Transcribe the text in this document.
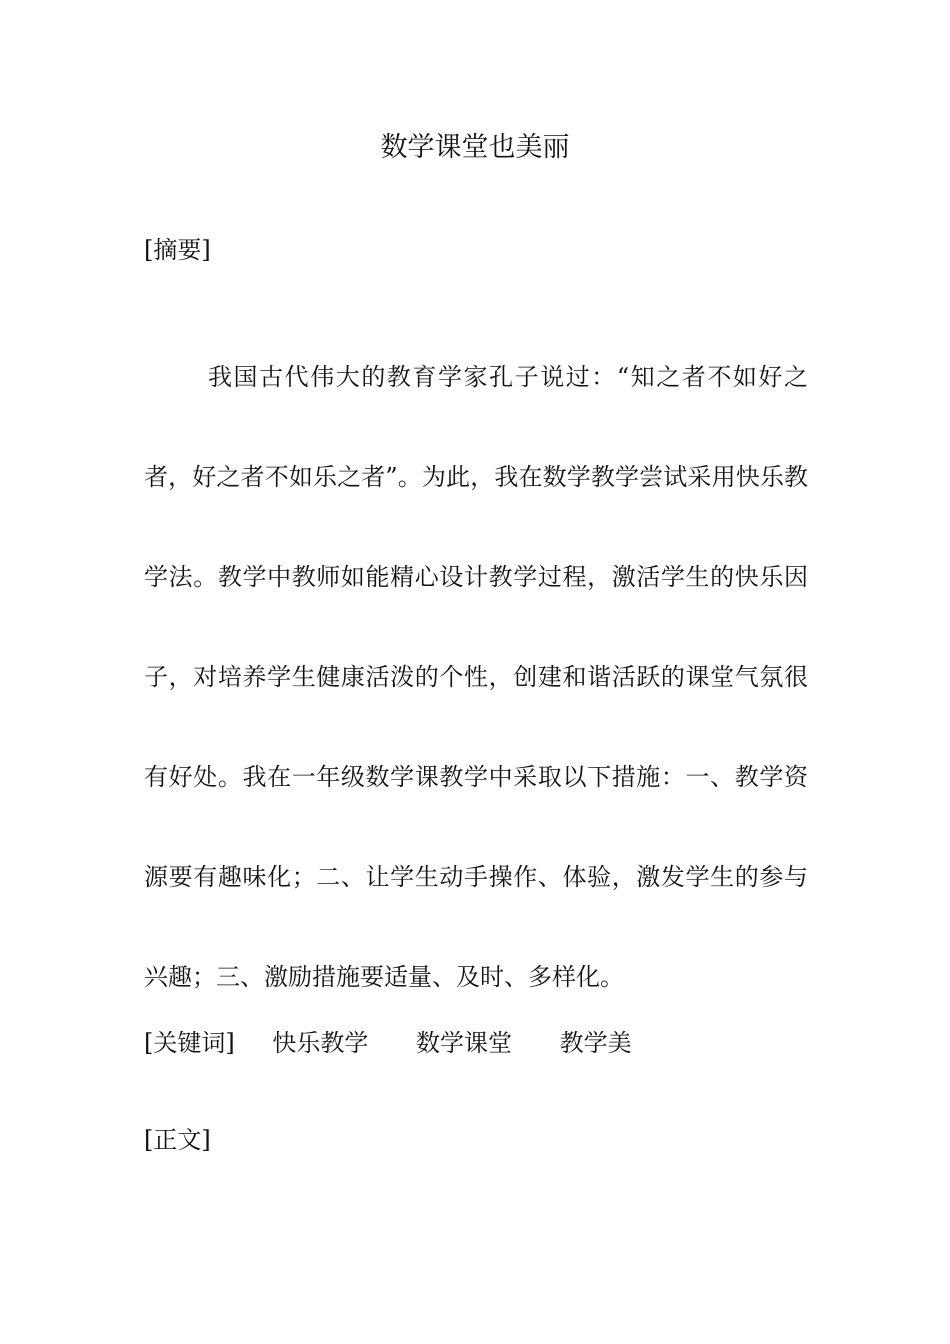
数学课堂也美丽
[摘要]

我国古代伟大的教育学家孔子说过：“知之者不如好之者，好之者不如乐之者”。为此，我在数学教学尝试采用快乐教学法。教学中教师如能精心设计教学过程，激活学生的快乐因子，对培养学生健康活泼的个性，创建和谐活跃的课堂气氛很有好处。我在一年级数学课教学中采取以下措施：一、教学资源要有趣味化；二、让学生动手操作、体验，激发学生的参与兴趣；三、激励措施要适量、及时、多样化。

[关键词] 快乐教学 数学课堂 教学美
[正文]
